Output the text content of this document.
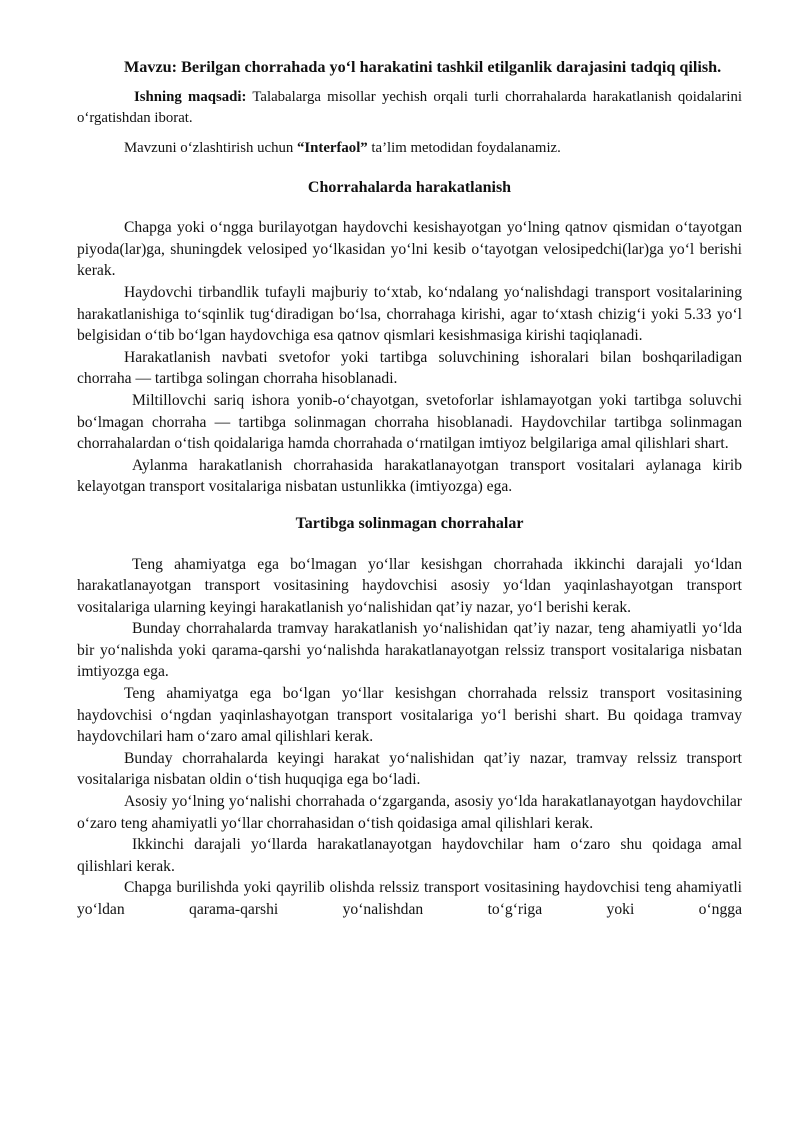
Mavzu: Berilgan chorrahada yo‘l harakatini tashkil etilganlik darajasini tadqiq qilish.

Ishning maqsadi: Talabalarga misollar yechish orqali turli chorrahalarda harakatlanish qoidalarini o‘rgatishdan iborat.

Mavzuni o‘zlashtirish uchun “Interfaol” ta’lim metodidan foydalanamiz.

Chorrahalarda harakatlanish

Chapga yoki o‘ngga burilayotgan haydovchi kesishayotgan yo‘lning qatnov qismidan o‘tayotgan piyoda(lar)ga, shuningdek velosiped yo‘lkasidan yo‘lni kesib o‘tayotgan velosipedchi(lar)ga yo‘l berishi kerak.

Haydovchi tirbandlik tufayli majburiy to‘xtab, ko‘ndalang yo‘nalishdagi transport vositalarining harakatlanishiga to‘sqinlik tug‘diradigan bo‘lsa, chorrahaga kirishi, agar to‘xtash chizig‘i yoki 5.33 yo‘l belgisidan o‘tib bo‘lgan haydovchiga esa qatnov qismlari kesishmasiga kirishi taqiqlanadi.

Harakatlanish navbati svetofor yoki tartibga soluvchining ishoralari bilan boshqariladigan chorraha — tartibga solingan chorraha hisoblanadi.

Miltillovchi sariq ishora yonib-o‘chayotgan, svetoforlar ishlamayotgan yoki tartibga soluvchi bo‘lmagan chorraha — tartibga solinmagan chorraha hisoblanadi. Haydovchilar tartibga solinmagan chorrahalardan o‘tish qoidalariga hamda chorrahada o‘rnatilgan imtiyoz belgilariga amal qilishlari shart.

Aylanma harakatlanish chorrahasida harakatlanayotgan transport vositalari aylanaga kirib kelayotgan transport vositalariga nisbatan ustunlikka (imtiyozga) ega.

Tartibga solinmagan chorrahalar

Teng ahamiyatga ega bo‘lmagan yo‘llar kesishgan chorrahada ikkinchi darajali yo‘ldan harakatlanayotgan transport vositasining haydovchisi asosiy yo‘ldan yaqinlashayotgan transport vositalariga ularning keyingi harakatlanish yo‘nalishidan qat’iy nazar, yo‘l berishi kerak.

Bunday chorrahalarda tramvay harakatlanish yo‘nalishidan qat’iy nazar, teng ahamiyatli yo‘lda bir yo‘nalishda yoki qarama-qarshi yo‘nalishda harakatlanayotgan relssiz transport vositalariga nisbatan imtiyozga ega.

Teng ahamiyatga ega bo‘lgan yo‘llar kesishgan chorrahada relssiz transport vositasining haydovchisi o‘ngdan yaqinlashayotgan transport vositalariga yo‘l berishi shart. Bu qoidaga tramvay haydovchilari ham o‘zaro amal qilishlari kerak.

Bunday chorrahalarda keyingi harakat yo‘nalishidan qat’iy nazar, tramvay relssiz transport vositalariga nisbatan oldin o‘tish huquqiga ega bo‘ladi.

Asosiy yo‘lning yo‘nalishi chorrahada o‘zgarganda, asosiy yo‘lda harakatlanayotgan haydovchilar o‘zaro teng ahamiyatli yo‘llar chorrahasidan o‘tish qoidasiga amal qilishlari kerak.

Ikkinchi darajali yo‘llarda harakatlanayotgan haydovchilar ham o‘zaro shu qoidaga amal qilishlari kerak.

Chapga burilishda yoki qayrilib olishda relssiz transport vositasining haydovchisi teng ahamiyatli yo‘ldan qarama-qarshi yo‘nalishdan to‘g‘riga yoki o‘ngga
